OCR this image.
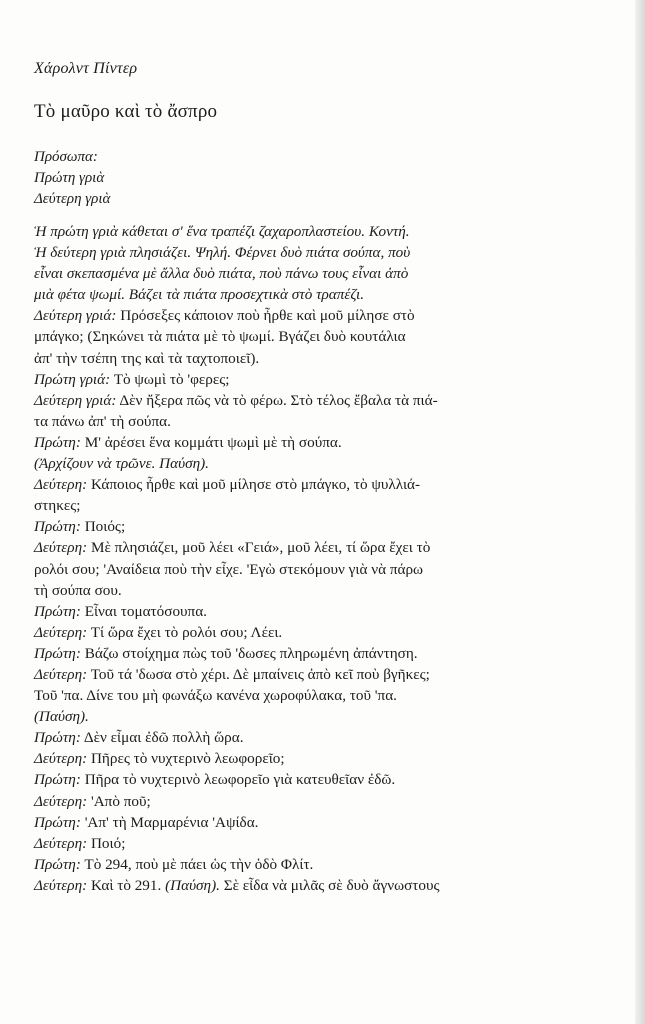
Χάρολντ Πίντερ
Τὸ μαῦρο καὶ τὸ ἄσπρο
Πρόσωπα:
Πρώτη γριὰ
Δεύτερη γριὰ
Ἡ πρώτη γριὰ κάθεται σ' ἕνα τραπέζι ζαχαροπλαστείου. Κοντή.
Ἡ δεύτερη γριὰ πλησιάζει. Ψηλή. Φέρνει δυὸ πιάτα σούπα, ποὺ
εἶναι σκεπασμένα μὲ ἄλλα δυὸ πιάτα, ποὺ πάνω τους εἶναι ἀπὸ
μιὰ φέτα ψωμί. Βάζει τὰ πιάτα προσεχτικὰ στὸ τραπέζι.
Δεύτερη γριά: Πρόσεξες κάποιον ποὺ ἦρθε καὶ μοῦ μίλησε στὸ
μπάγκο; (Σηκώνει τὰ πιάτα μὲ τὸ ψωμί. Βγάζει δυὸ κουτάλια
ἀπ' τὴν τσέπη της καὶ τὰ ταχτοποιεῖ).
Πρώτη γριά: Τὸ ψωμὶ τὸ 'φερες;
Δεύτερη γριά: Δὲν ἤξερα πῶς νὰ τὸ φέρω. Στὸ τέλος ἔβαλα τὰ πιά-
τα πάνω ἀπ' τὴ σούπα.
Πρώτη: Μ' ἀρέσει ἕνα κομμάτι ψωμὶ μὲ τὴ σούπα.
(Ἀρχίζουν νὰ τρῶνε. Παύση).
Δεύτερη: Κάποιος ἦρθε καὶ μοῦ μίλησε στὸ μπάγκο, τὸ ψυλλιά-
στηκες;
Πρώτη: Ποιός;
Δεύτερη: Μὲ πλησιάζει, μοῦ λέει «Γειά», μοῦ λέει, τί ὥρα ἔχει τὸ
ρολόι σου; 'Αναίδεια ποὺ τὴν εἶχε. 'Εγὼ στεκόμουν γιὰ νὰ πάρω
τὴ σούπα σου.
Πρώτη: Εἶναι τοματόσουπα.
Δεύτερη: Τί ὥρα ἔχει τὸ ρολόι σου; Λέει.
Πρώτη: Βάζω στοίχημα πὼς τοῦ 'δωσες πληρωμένη ἀπάντηση.
Δεύτερη: Τοῦ τά 'δωσα στὸ χέρι. Δὲ μπαίνεις ἀπὸ κεῖ ποὺ βγῆκες;
Τοῦ 'πα. Δίνε του μὴ φωνάξω κανένα χωροφύλακα, τοῦ 'πα.
(Παύση).
Πρώτη: Δὲν εἶμαι ἐδῶ πολλὴ ὥρα.
Δεύτερη: Πῆρες τὸ νυχτερινὸ λεωφορεῖο;
Πρώτη: Πῆρα τὸ νυχτερινὸ λεωφορεῖο γιὰ κατευθεῖαν ἐδῶ.
Δεύτερη: 'Απὸ ποῦ;
Πρώτη: 'Απ' τὴ Μαρμαρένια 'Αψίδα.
Δεύτερη: Ποιό;
Πρώτη: Τὸ 294, ποὺ μὲ πάει ὡς τὴν ὁδὸ Φλίτ.
Δεύτερη: Καὶ τὸ 291. (Παύση). Σὲ εἶδα νὰ μιλᾶς σὲ δυὸ ἄγνωστους
